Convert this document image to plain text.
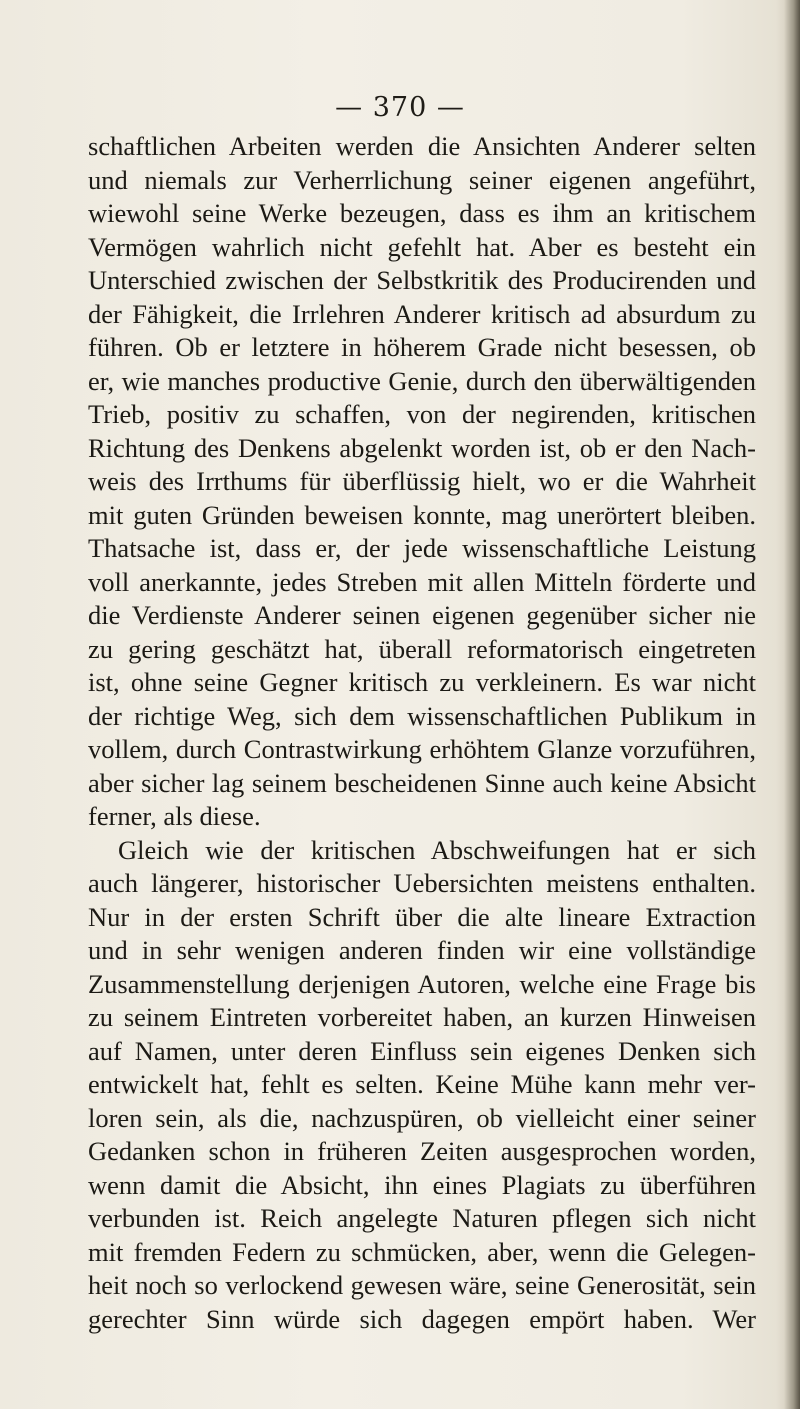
— 370 —
schaftlichen Arbeiten werden die Ansichten Anderer selten
und niemals zur Verherrlichung seiner eigenen angeführt,
wiewohl seine Werke bezeugen, dass es ihm an kritischem
Vermögen wahrlich nicht gefehlt hat. Aber es besteht ein
Unterschied zwischen der Selbstkritik des Producirenden und
der Fähigkeit, die Irrlehren Anderer kritisch ad absurdum zu
führen. Ob er letztere in höherem Grade nicht besessen, ob
er, wie manches productive Genie, durch den überwältigenden
Trieb, positiv zu schaffen, von der negirenden, kritischen
Richtung des Denkens abgelenkt worden ist, ob er den Nach-
weis des Irrthums für überflüssig hielt, wo er die Wahrheit
mit guten Gründen beweisen konnte, mag unerörtert bleiben.
Thatsache ist, dass er, der jede wissenschaftliche Leistung
voll anerkannte, jedes Streben mit allen Mitteln förderte und
die Verdienste Anderer seinen eigenen gegenüber sicher nie
zu gering geschätzt hat, überall reformatorisch eingetreten
ist, ohne seine Gegner kritisch zu verkleinern. Es war nicht
der richtige Weg, sich dem wissenschaftlichen Publikum in
vollem, durch Contrastwirkung erhöhtem Glanze vorzuführen,
aber sicher lag seinem bescheidenen Sinne auch keine Absicht
ferner, als diese.
Gleich wie der kritischen Abschweifungen hat er sich
auch längerer, historischer Uebersichten meistens enthalten.
Nur in der ersten Schrift über die alte lineare Extraction
und in sehr wenigen anderen finden wir eine vollständige
Zusammenstellung derjenigen Autoren, welche eine Frage bis
zu seinem Eintreten vorbereitet haben, an kurzen Hinweisen
auf Namen, unter deren Einfluss sein eigenes Denken sich
entwickelt hat, fehlt es selten. Keine Mühe kann mehr ver-
loren sein, als die, nachzuspüren, ob vielleicht einer seiner
Gedanken schon in früheren Zeiten ausgesprochen worden,
wenn damit die Absicht, ihn eines Plagiats zu überführen
verbunden ist. Reich angelegte Naturen pflegen sich nicht
mit fremden Federn zu schmücken, aber, wenn die Gelegen-
heit noch so verlockend gewesen wäre, seine Generosität, sein
gerechter Sinn würde sich dagegen empört haben. Wer
